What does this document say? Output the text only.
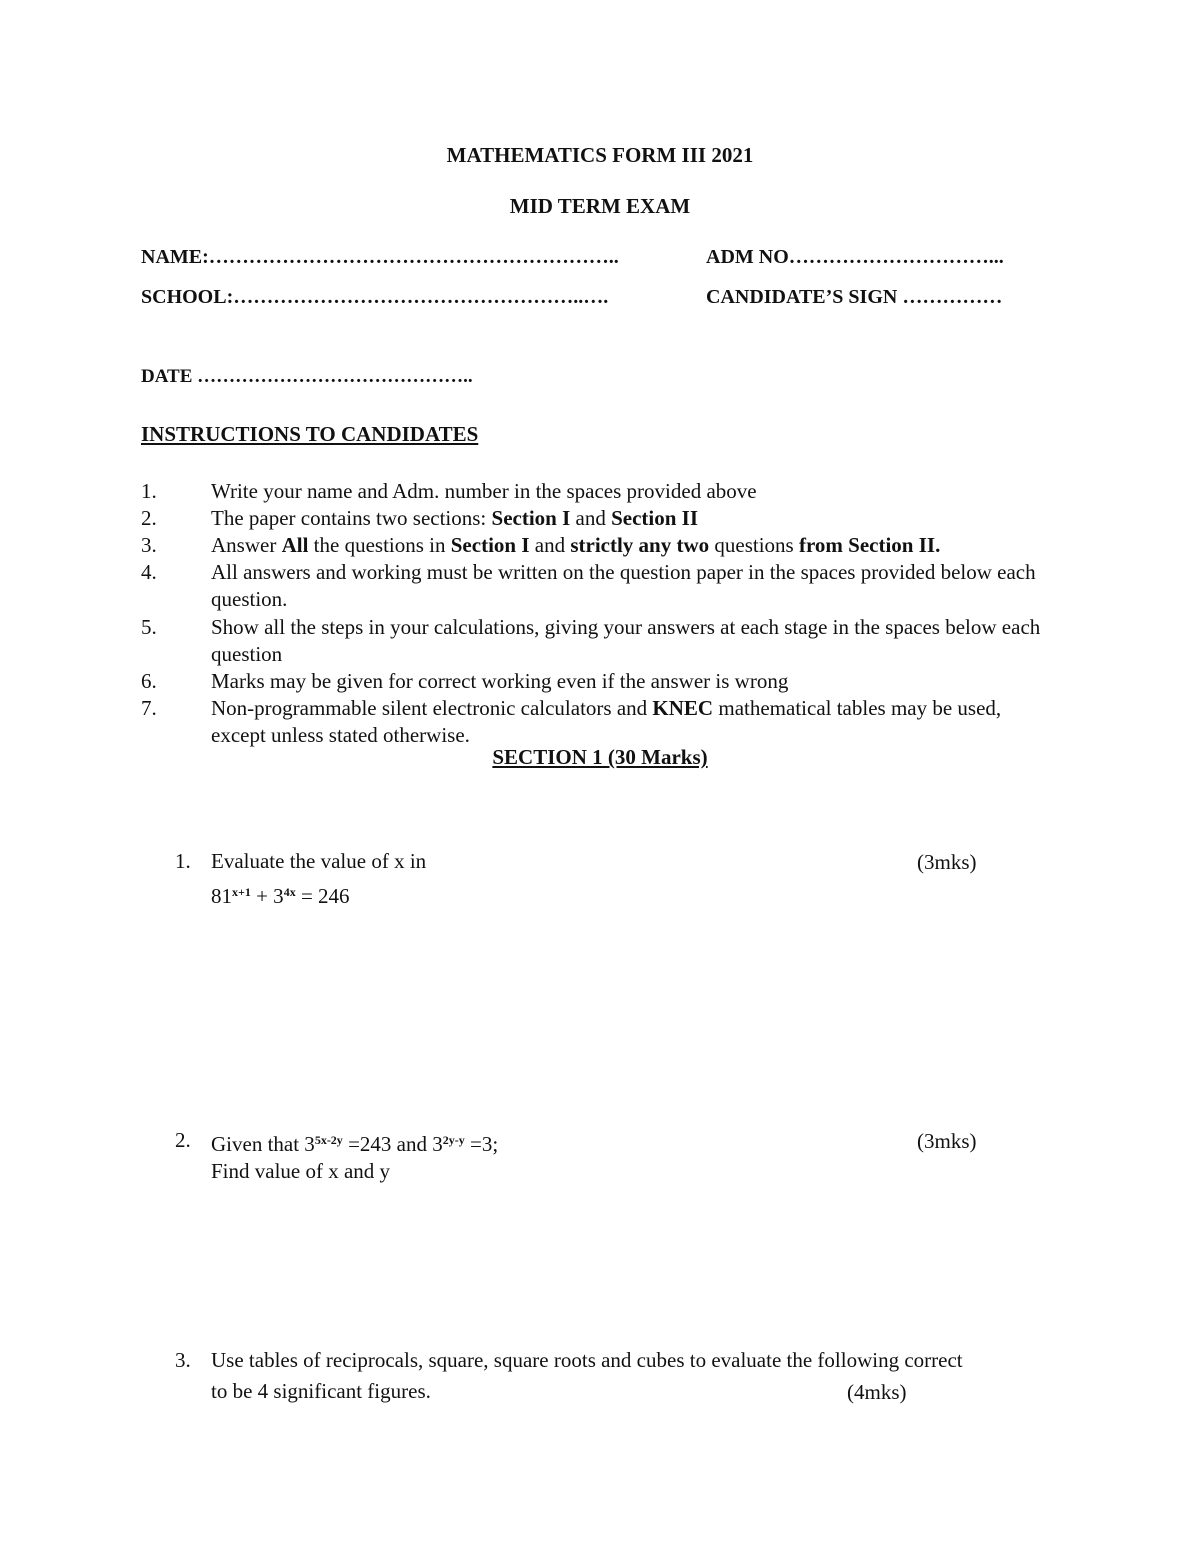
MATHEMATICS FORM III 2021
MID TERM EXAM
NAME:……………………………………………………..	ADM NO…………………………...
SCHOOL:……………………………………………..….	CANDIDATE’S SIGN ……………
DATE ……………………………………..
INSTRUCTIONS TO CANDIDATES
1.	Write your name and Adm. number in the spaces provided above
2.	The paper contains two sections: Section I and Section II
3.	Answer All the questions in Section I and strictly any two questions from Section II.
4.	All answers and working must be written on the question paper in the spaces provided below each question.
5.	Show all the steps in your calculations, giving your answers at each stage in the spaces below each question
6.	Marks may be given for correct working even if the answer is wrong
7.	Non-programmable silent electronic calculators and KNEC mathematical tables may be used, except unless stated otherwise.
SECTION 1 (30 Marks)
1. Evaluate the value of x in
$81^{x+1} + 3^{4x} = 246$
(3mks)
2. Given that $3^{5x-2y} =243$ and $3^{2y-y} =3$;
Find value of x and y
(3mks)
3. Use tables of reciprocals, square, square roots and cubes to evaluate the following correct
to be 4 significant figures.	(4mks)
